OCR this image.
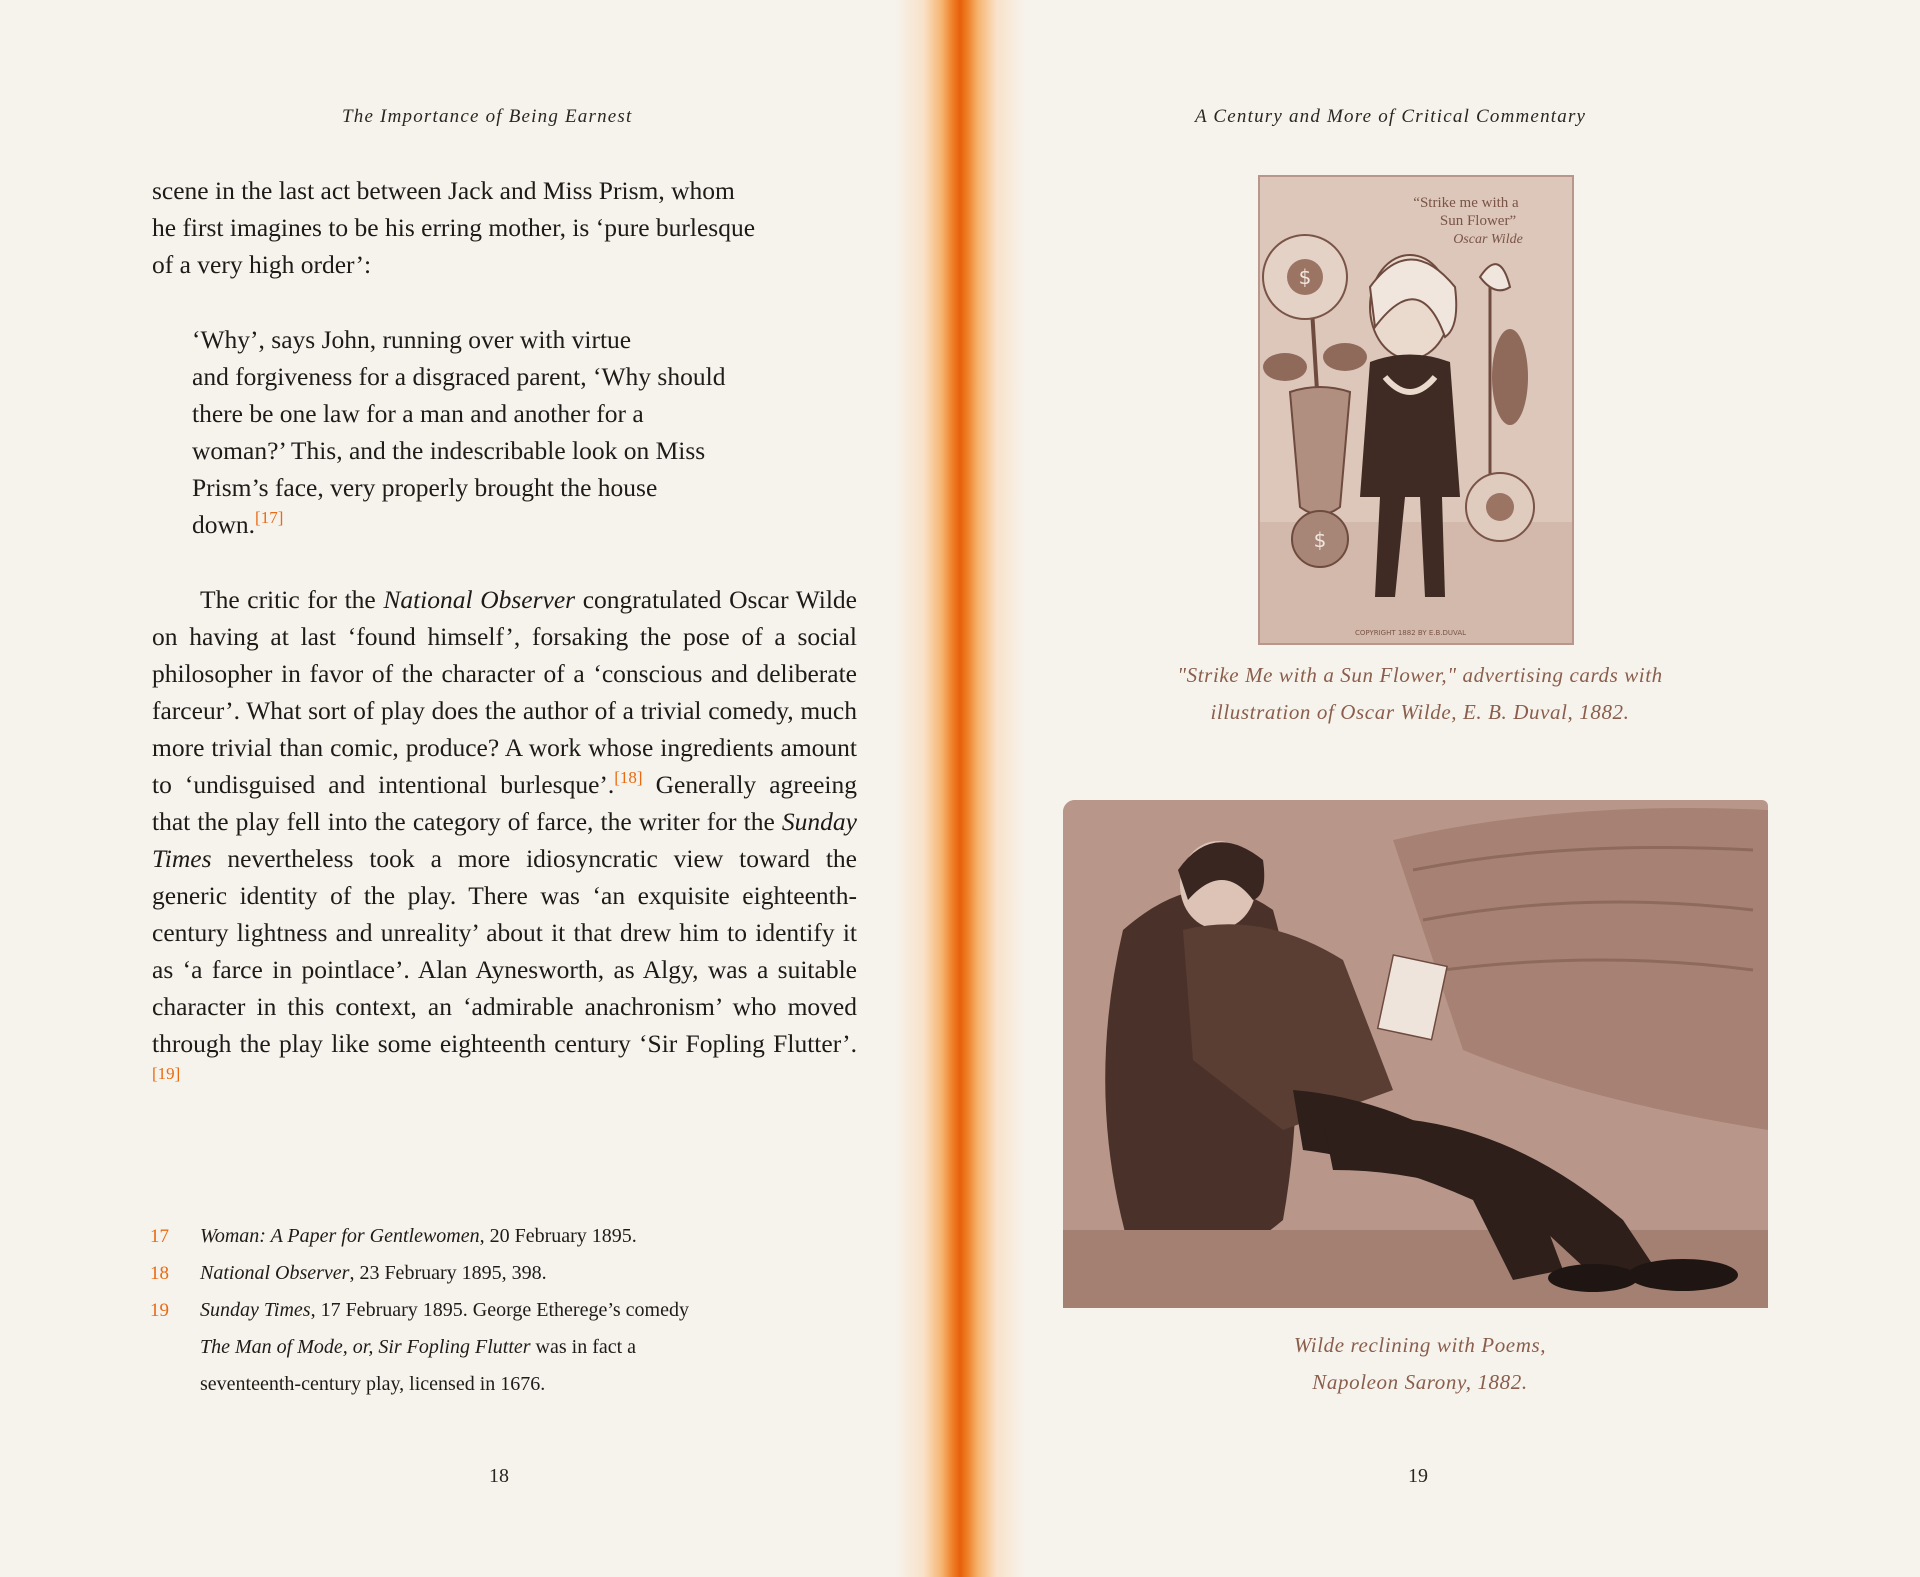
The Importance of Being Earnest

scene in the last act between Jack and Miss Prism, whom

he first imagines to be his erring mother, is ‘pure burlesque

of a very high order’:

‘Why’, says John, running over with virtue

and forgiveness for a disgraced parent, ‘Why should

there be one law for a man and another for a

woman?’ This, and the indescribable look on Miss

Prism’s face, very properly brought the house

down.[17]

The critic for the National Observer congratulated Oscar Wilde on having at last ‘found himself’, forsaking the pose of a social philosopher in favor of the character of a ‘conscious and deliberate farceur’. What sort of play does the author of a trivial comedy, much more trivial than comic, produce? A work whose ingredients amount to ‘undisguised and intentional burlesque’.[18] Generally agreeing that the play fell into the category of farce, the writer for the Sunday Times nevertheless took a more idiosyncratic view toward the generic identity of the play. There was ‘an exquisite eighteenth-century lightness and unreality’ about it that drew him to identify it as ‘a farce in pointlace’. Alan Aynesworth, as Algy, was a suitable character in this context, an ‘admirable anachronism’ who moved through the play like some eighteenth century ‘Sir Fopling Flutter’.[19]

17 Woman: A Paper for Gentlewomen, 20 February 1895.
18 National Observer, 23 February 1895, 398.
19 Sunday Times, 17 February 1895. George Etherege’s comedy
The Man of Mode, or, Sir Fopling Flutter was in fact a
seventeenth-century play, licensed in 1676.
18
A Century and More of Critical Commentary
“Strike me with a
Sun Flower”
Oscar Wilde
$
$
COPYRIGHT 1882 BY E.B.DUVAL
"Strike Me with a Sun Flower," advertising cards with
illustration of Oscar Wilde, E. B. Duval, 1882.
Wilde reclining with Poems,
Napoleon Sarony, 1882.
19
